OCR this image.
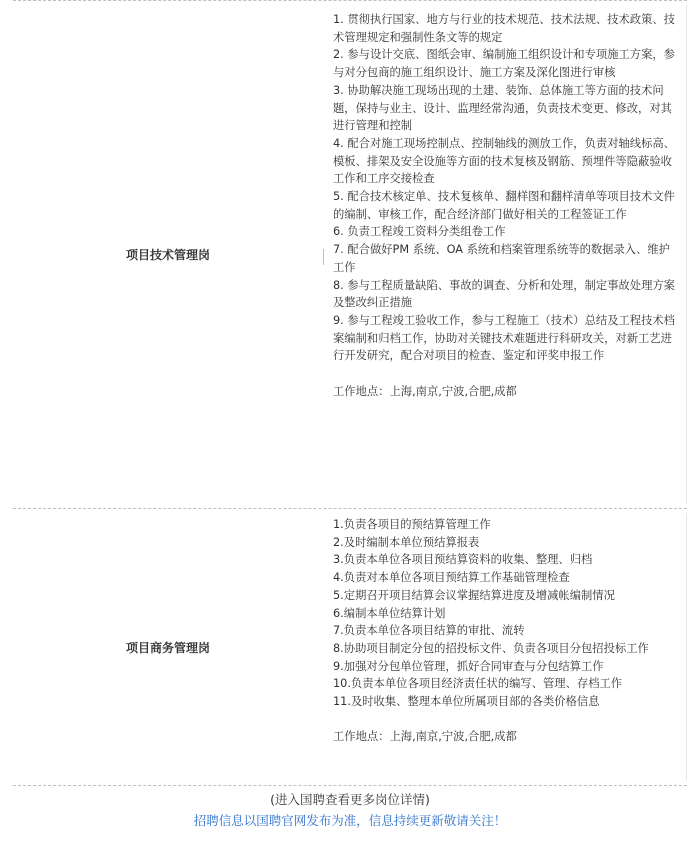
项目技术管理岗
1. 贯彻执行国家、地方与行业的技术规范、技术法规、技术政策、技术管理规定和强制性条文等的规定
2. 参与设计交底、图纸会审、编制施工组织设计和专项施工方案，参与对分包商的施工组织设计、施工方案及深化图进行审核
3. 协助解决施工现场出现的土建、装饰、总体施工等方面的技术问题，保持与业主、设计、监理经常沟通，负责技术变更、修改，对其进行管理和控制
4. 配合对施工现场控制点、控制轴线的测放工作，负责对轴线标高、模板、排架及安全设施等方面的技术复核及钢筋、预埋件等隐蔽验收工作和工序交接检查
5. 配合技术核定单、技术复核单、翻样图和翻样清单等项目技术文件的编制、审核工作，配合经济部门做好相关的工程签证工作
6. 负责工程竣工资料分类组卷工作
7. 配合做好PM 系统、OA 系统和档案管理系统等的数据录入、维护工作
8. 参与工程质量缺陷、事故的调查、分析和处理，制定事故处理方案及整改纠正措施
9. 参与工程竣工验收工作，参与工程施工（技术）总结及工程技术档案编制和归档工作，协助对关键技术难题进行科研攻关，对新工艺进行开发研究，配合对项目的检查、鉴定和评奖申报工作
工作地点：上海,南京,宁波,合肥,成都
项目商务管理岗
1.负责各项目的预结算管理工作
2.及时编制本单位预结算报表
3.负责本单位各项目预结算资料的收集、整理、归档
4.负责对本单位各项目预结算工作基础管理检查
5.定期召开项目结算会议掌握结算进度及增减帐编制情况
6.编制本单位结算计划
7.负责本单位各项目结算的审批、流转
8.协助项目制定分包的招投标文件、负责各项目分包招投标工作
9.加强对分包单位管理，抓好合同审查与分包结算工作
10.负责本单位各项目经济责任状的编写、管理、存档工作
11.及时收集、整理本单位所属项目部的各类价格信息
工作地点：上海,南京,宁波,合肥,成都
(进入国聘查看更多岗位详情)
招聘信息以国聘官网发布为准，信息持续更新敬请关注！
